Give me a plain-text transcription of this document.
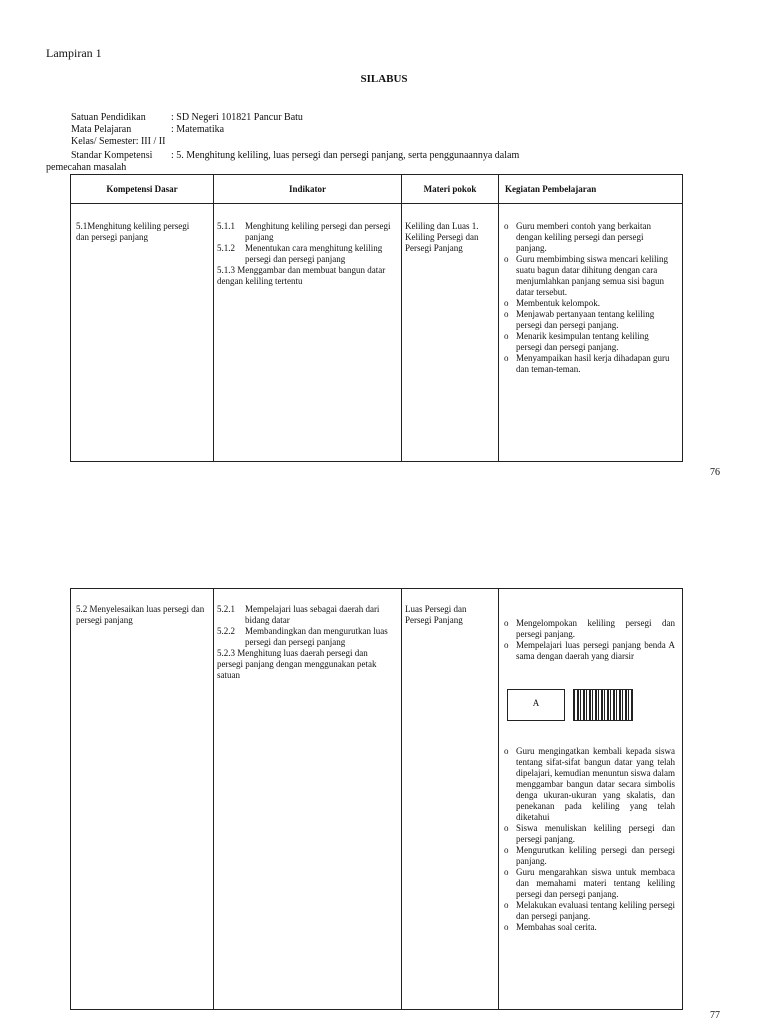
Lampiran 1
SILABUS
Satuan Pendidikan	: SD Negeri 101821 Pancur Batu
Mata Pelajaran	: Matematika
Kelas/ Semester: III / II
Standar Kompetensi : 5. Menghitung keliling, luas persegi dan persegi panjang, serta penggunaannya dalam
pemecahan masalah
Kompetensi Dasar	Indikator	Materi pokok	Kegiatan Pembelajaran
5.1Menghitung keliling persegi dan persegi panjang
5.1.1 Menghitung keliling persegi dan persegi panjang
5.1.2 Menentukan cara menghitung keliling persegi dan persegi panjang
5.1.3 Menggambar dan membuat bangun datar dengan keliling tertentu
Keliling dan Luas 1. Keliling Persegi dan Persegi Panjang
o Guru memberi contoh yang berkaitan dengan keliling persegi dan persegi panjang.
o Guru membimbing siswa mencari keliling suatu bagun datar dihitung dengan cara menjumlahkan panjang semua sisi bagun datar tersebut.
o Membentuk kelompok.
o Menjawab pertanyaan tentang keliling persegi dan persegi panjang.
o Menarik kesimpulan tentang keliling persegi dan persegi panjang.
o Menyampaikan hasil kerja dihadapan guru dan teman-teman.
76
5.2 Menyelesaikan luas persegi dan persegi panjang
5.2.1 Mempelajari luas sebagai daerah dari bidang datar
5.2.2 Membandingkan dan mengurutkan luas persegi dan persegi panjang
5.2.3 Menghitung luas daerah persegi dan persegi panjang dengan menggunakan petak satuan
Luas Persegi dan Persegi Panjang
o	Mengelompokan keliling persegi dan persegi panjang.
o Mempelajari luas persegi panjang benda A sama dengan daerah yang diarsir
A
o Guru mengingatkan kembali kepada siswa tentang sifat-sifat bangun datar yang telah dipelajari, kemudian menuntun siswa dalam menggambar bangun datar secara simbolis denga ukuran-ukuran yang skalatis, dan penekanan pada keliling yang telah diketahui
o Siswa menuliskan keliling persegi dan persegi panjang.
o Mengurutkan keliling persegi dan persegi panjang.
o Guru mengarahkan siswa untuk membaca dan memahami materi tentang keliling persegi dan persegi panjang.
o Melakukan evaluasi tentang keliling persegi dan persegi panjang.
o Membahas soal cerita.
77
